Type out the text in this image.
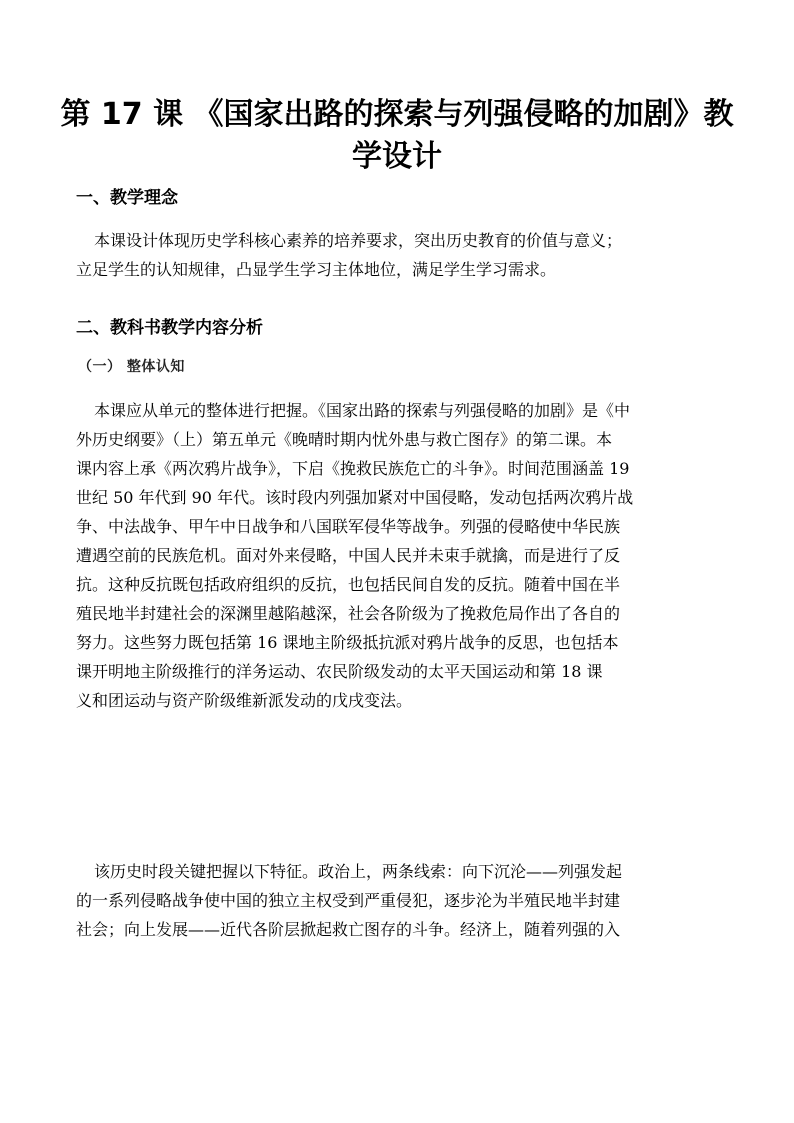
第 17 课 《国家出路的探索与列强侵略的加剧》教
学设计
一、教学理念
本课设计体现历史学科核心素养的培养要求，突出历史教育的价值与意义；
立足学生的认知规律，凸显学生学习主体地位，满足学生学习需求。
二、教科书教学内容分析
（一） 整体认知
本课应从单元的整体进行把握。《国家出路的探索与列强侵略的加剧》是《中
外历史纲要》（上）第五单元《晚晴时期内忧外患与救亡图存》的第二课。本
课内容上承《两次鸦片战争》，下启《挽救民族危亡的斗争》。时间范围涵盖 19
世纪 50 年代到 90 年代。该时段内列强加紧对中国侵略，发动包括两次鸦片战
争、中法战争、甲午中日战争和八国联军侵华等战争。列强的侵略使中华民族
遭遇空前的民族危机。面对外来侵略，中国人民并未束手就擒，而是进行了反
抗。这种反抗既包括政府组织的反抗，也包括民间自发的反抗。随着中国在半
殖民地半封建社会的深渊里越陷越深，社会各阶级为了挽救危局作出了各自的
努力。这些努力既包括第 16 课地主阶级抵抗派对鸦片战争的反思，也包括本
课开明地主阶级推行的洋务运动、农民阶级发动的太平天国运动和第 18 课
义和团运动与资产阶级维新派发动的戊戌变法。
该历史时段关键把握以下特征。政治上，两条线索：向下沉沦——列强发起
的一系列侵略战争使中国的独立主权受到严重侵犯，逐步沦为半殖民地半封建
社会；向上发展——近代各阶层掀起救亡图存的斗争。经济上，随着列强的入
